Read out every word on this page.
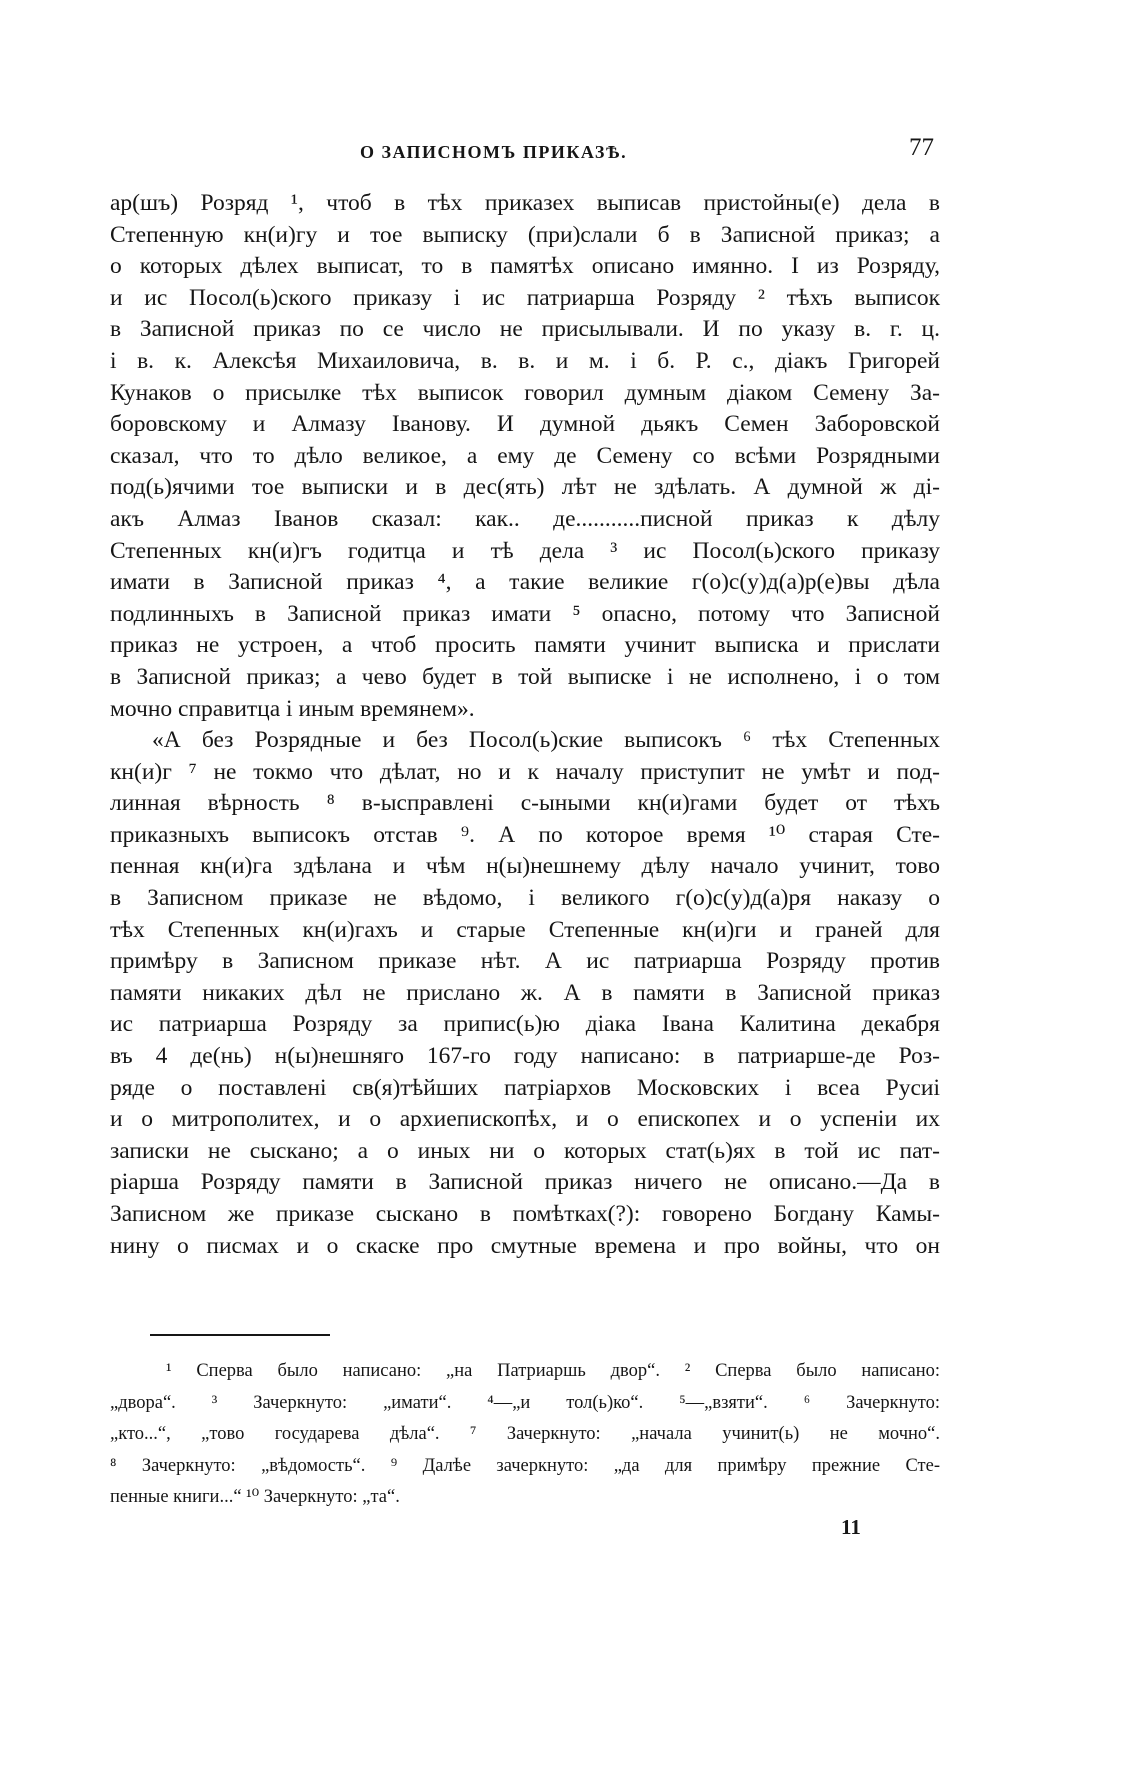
О ЗАПИСНОМЪ ПРИКАЗѢ.	77
ар(шъ) Розряд ¹, чтоб в тѣх приказех выписав пристойны(е) дела в
Степенную кн(и)гу и тое выписку (при)слали б в Записной приказ; а
о которых дѣлех выписат, то в памятѣх описано имянно. І из Розряду,
и ис Посол(ь)ского приказу і ис патриарша Розряду ² тѣхъ выписок
в Записной приказ по се число не присылывали. И по указу в. г. ц.
і в. к. Алексѣя Михаиловича, в. в. и м. і б. Р. с., діакъ Григорей
Кунаков о присылке тѣх выписок говорил думным діаком Семену За-
боровскому и Алмазу Іванову. И думной дьякъ Семен Заборовской
сказал, что то дѣло великое, а ему де Семену со всѣми Розрядными
под(ь)ячими тое выписки и в дес(ять) лѣт не здѣлать. А думной ж ді-
акъ Алмаз Іванов сказал: как.. де...........писной приказ к дѣлу
Степенных кн(и)гъ годитца и тѣ дела ³ ис Посол(ь)ского приказу
имати в Записной приказ ⁴, а такие великие г(о)с(у)д(а)р(е)вы дѣла
подлинныхъ в Записной приказ имати ⁵ опасно, потому что Записной
приказ не устроен, а чтоб просить памяти учинит выписка и прислати
в Записной приказ; а чево будет в той выписке і не исполнено, і о том
мочно справитца і иным времянем».
«А без Розрядные и без Посол(ь)ские выписокъ ⁶ тѣх Степенных
кн(и)г ⁷ не токмо что дѣлат, но и к началу приступит не умѣт и под-
линная вѣрность ⁸ в-ысправлені с-ыными кн(и)гами будет от тѣхъ
приказныхъ выписокъ отстав ⁹. А по которое время ¹⁰ старая Сте-
пенная кн(и)га здѣлана и чѣм н(ы)нешнему дѣлу начало учинит, тово
в Записном приказе не вѣдомо, і великого г(о)с(у)д(а)ря наказу о
тѣх Степенных кн(и)гахъ и старые Степенные кн(и)ги и граней для
примѣру в Записном приказе нѣт. А ис патриарша Розряду против
памяти никаких дѣл не прислано ж. А в памяти в Записной приказ
ис патриарша Розряду за припис(ь)ю діака Івана Калитина декабря
въ 4 де(нь) н(ы)нешняго 167-го году написано: в патриарше-де Роз-
ряде о поставлені св(я)тѣйших патріархов Московских і всеа Русиі
и о митрополитех, и о архиепископѣх, и о епископех и о успеніи их
записки не сыскано; а о иных ни о которых стат(ь)ях в той ис пат-
ріарша Розряду памяти в Записной приказ ничего не описано.—Да в
Записном же приказе сыскано в помѣтках(?): говорено Богдану Камы-
нину о писмах и о скаске про смутные времена и про войны, что он
¹ Сперва было написано: „на Патриаршь двор“. ² Сперва было написано:
„двора“. ³ Зачеркнуто: „имати“. ⁴—„и тол(ь)ко“. ⁵—„взяти“. ⁶ Зачеркнуто:
„кто...“, „тово государева дѣла“. ⁷ Зачеркнуто: „начала учинит(ь) не мочно“.
⁸ Зачеркнуто: „вѣдомость“. ⁹ Далѣе зачеркнуто: „да для примѣру прежние Сте-
пенные книги...“ ¹⁰ Зачеркнуто: „та“.
11
